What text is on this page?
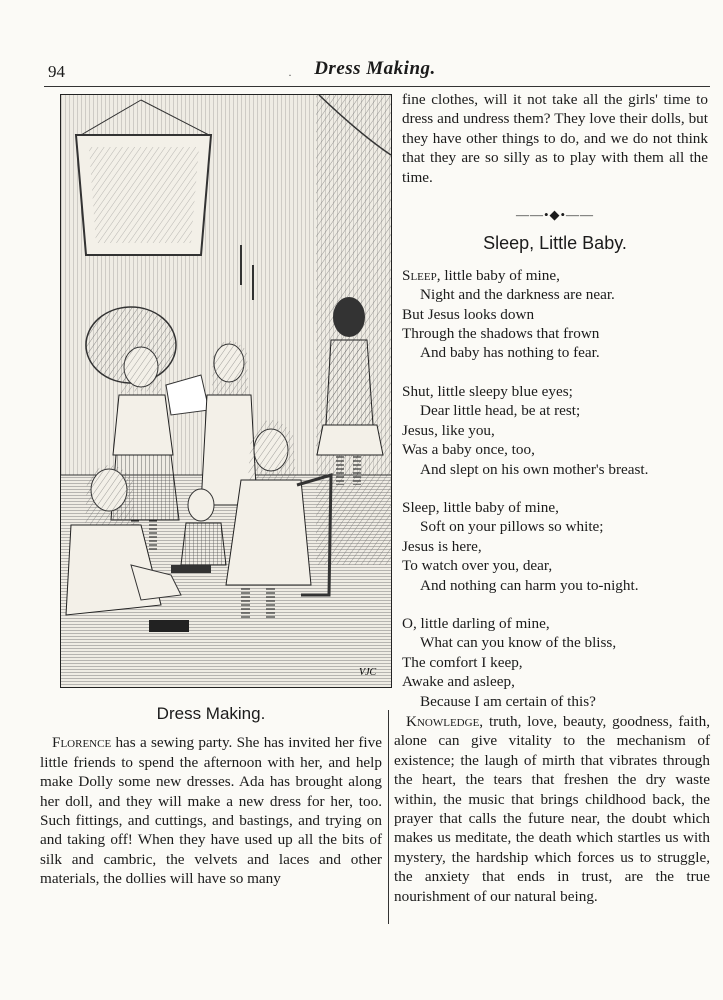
94	·	Dress Making.
VJC

fine clothes, will it not take all the girls' time to dress and undress them? They love their dolls, but they have other things to do, and we do not think that they are so silly as to play with them all the time.

——•◆•——
Sleep, Little Baby.
Sleep, little baby of mine,
Night and the darkness are near.
But Jesus looks down
Through the shadows that frown
And baby has nothing to fear.
Shut, little sleepy blue eyes;
Dear little head, be at rest;
Jesus, like you,
Was a baby once, too,
And slept on his own mother's breast.
Sleep, little baby of mine,
Soft on your pillows so white;
Jesus is here,
To watch over you, dear,
And nothing can harm you to-night.
O, little darling of mine,
What can you know of the bliss,
The comfort I keep,
Awake and asleep,
Because I am certain of this?
Dress Making.

Florence has a sewing party. She has invited her five little friends to spend the afternoon with her, and help make Dolly some new dresses. Ada has brought along her doll, and they will make a new dress for her, too. Such fittings, and cuttings, and bastings, and trying on and taking off! When they have used up all the bits of silk and cambric, the velvets and laces and other materials, the dollies will have so many

Knowledge, truth, love, beauty, goodness, faith, alone can give vitality to the mechanism of existence; the laugh of mirth that vibrates through the heart, the tears that freshen the dry waste within, the music that brings childhood back, the prayer that calls the future near, the doubt which makes us meditate, the death which startles us with mystery, the hardship which forces us to struggle, the anxiety that ends in trust, are the true nourishment of our natural being.
